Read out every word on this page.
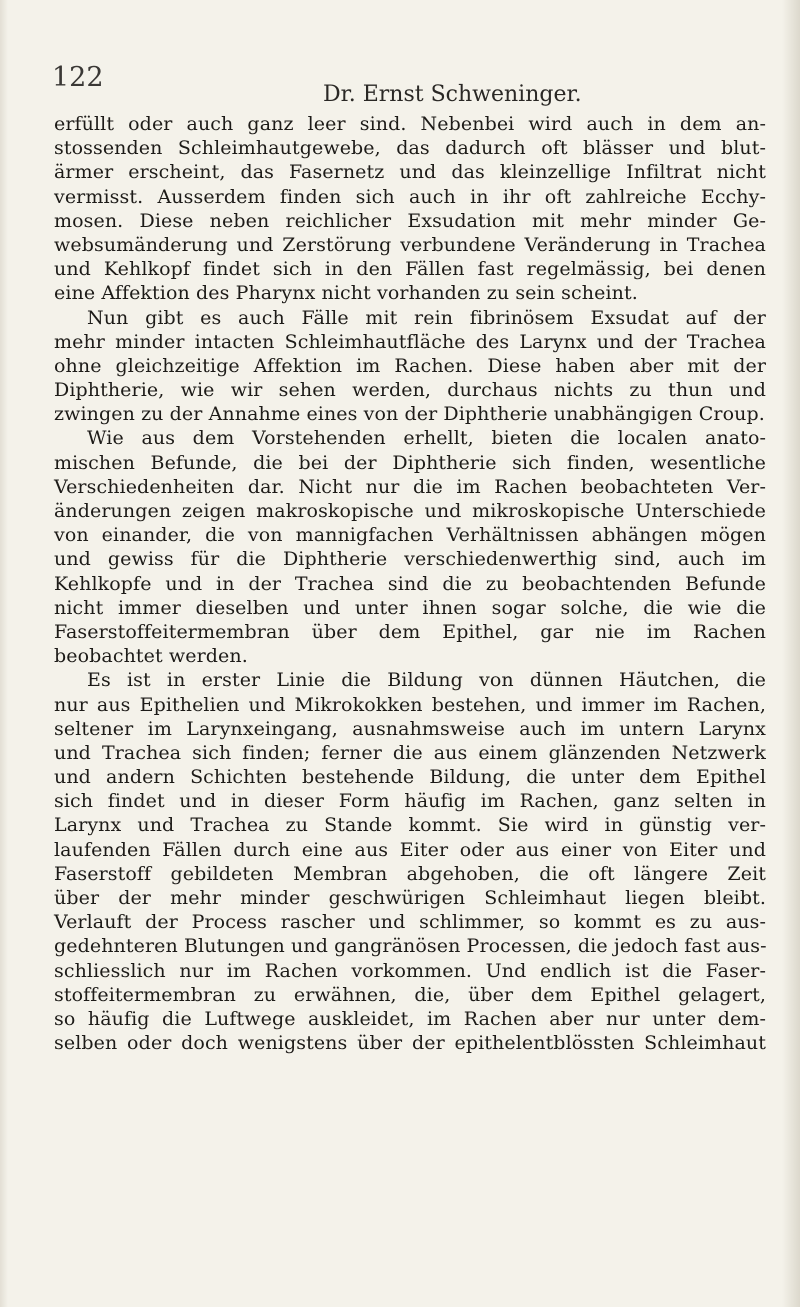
122
Dr. Ernst Schweninger.
erfüllt oder auch ganz leer sind. Nebenbei wird auch in dem an-
stossenden Schleimhautgewebe, das dadurch oft blässer und blut-
ärmer erscheint, das Fasernetz und das kleinzellige Infiltrat nicht
vermisst. Ausserdem finden sich auch in ihr oft zahlreiche Ecchy-
mosen. Diese neben reichlicher Exsudation mit mehr minder Ge-
websumänderung und Zerstörung verbundene Veränderung in Trachea
und Kehlkopf findet sich in den Fällen fast regelmässig, bei denen
eine Affektion des Pharynx nicht vorhanden zu sein scheint.
Nun gibt es auch Fälle mit rein fibrinösem Exsudat auf der
mehr minder intacten Schleimhautfläche des Larynx und der Trachea
ohne gleichzeitige Affektion im Rachen. Diese haben aber mit der
Diphtherie, wie wir sehen werden, durchaus nichts zu thun und
zwingen zu der Annahme eines von der Diphtherie unabhängigen Croup.
Wie aus dem Vorstehenden erhellt, bieten die localen anato-
mischen Befunde, die bei der Diphtherie sich finden, wesentliche
Verschiedenheiten dar. Nicht nur die im Rachen beobachteten Ver-
änderungen zeigen makroskopische und mikroskopische Unterschiede
von einander, die von mannigfachen Verhältnissen abhängen mögen
und gewiss für die Diphtherie verschiedenwerthig sind, auch im
Kehlkopfe und in der Trachea sind die zu beobachtenden Befunde
nicht immer dieselben und unter ihnen sogar solche, die wie die
Faserstoffeitermembran über dem Epithel, gar nie im Rachen
beobachtet werden.
Es ist in erster Linie die Bildung von dünnen Häutchen, die
nur aus Epithelien und Mikrokokken bestehen, und immer im Rachen,
seltener im Larynxeingang, ausnahmsweise auch im untern Larynx
und Trachea sich finden; ferner die aus einem glänzenden Netzwerk
und andern Schichten bestehende Bildung, die unter dem Epithel
sich findet und in dieser Form häufig im Rachen, ganz selten in
Larynx und Trachea zu Stande kommt. Sie wird in günstig ver-
laufenden Fällen durch eine aus Eiter oder aus einer von Eiter und
Faserstoff gebildeten Membran abgehoben, die oft längere Zeit
über der mehr minder geschwürigen Schleimhaut liegen bleibt.
Verlauft der Process rascher und schlimmer, so kommt es zu aus-
gedehnteren Blutungen und gangränösen Processen, die jedoch fast aus-
schliesslich nur im Rachen vorkommen. Und endlich ist die Faser-
stoffeitermembran zu erwähnen, die, über dem Epithel gelagert,
so häufig die Luftwege auskleidet, im Rachen aber nur unter dem-
selben oder doch wenigstens über der epithelentblössten Schleimhaut
